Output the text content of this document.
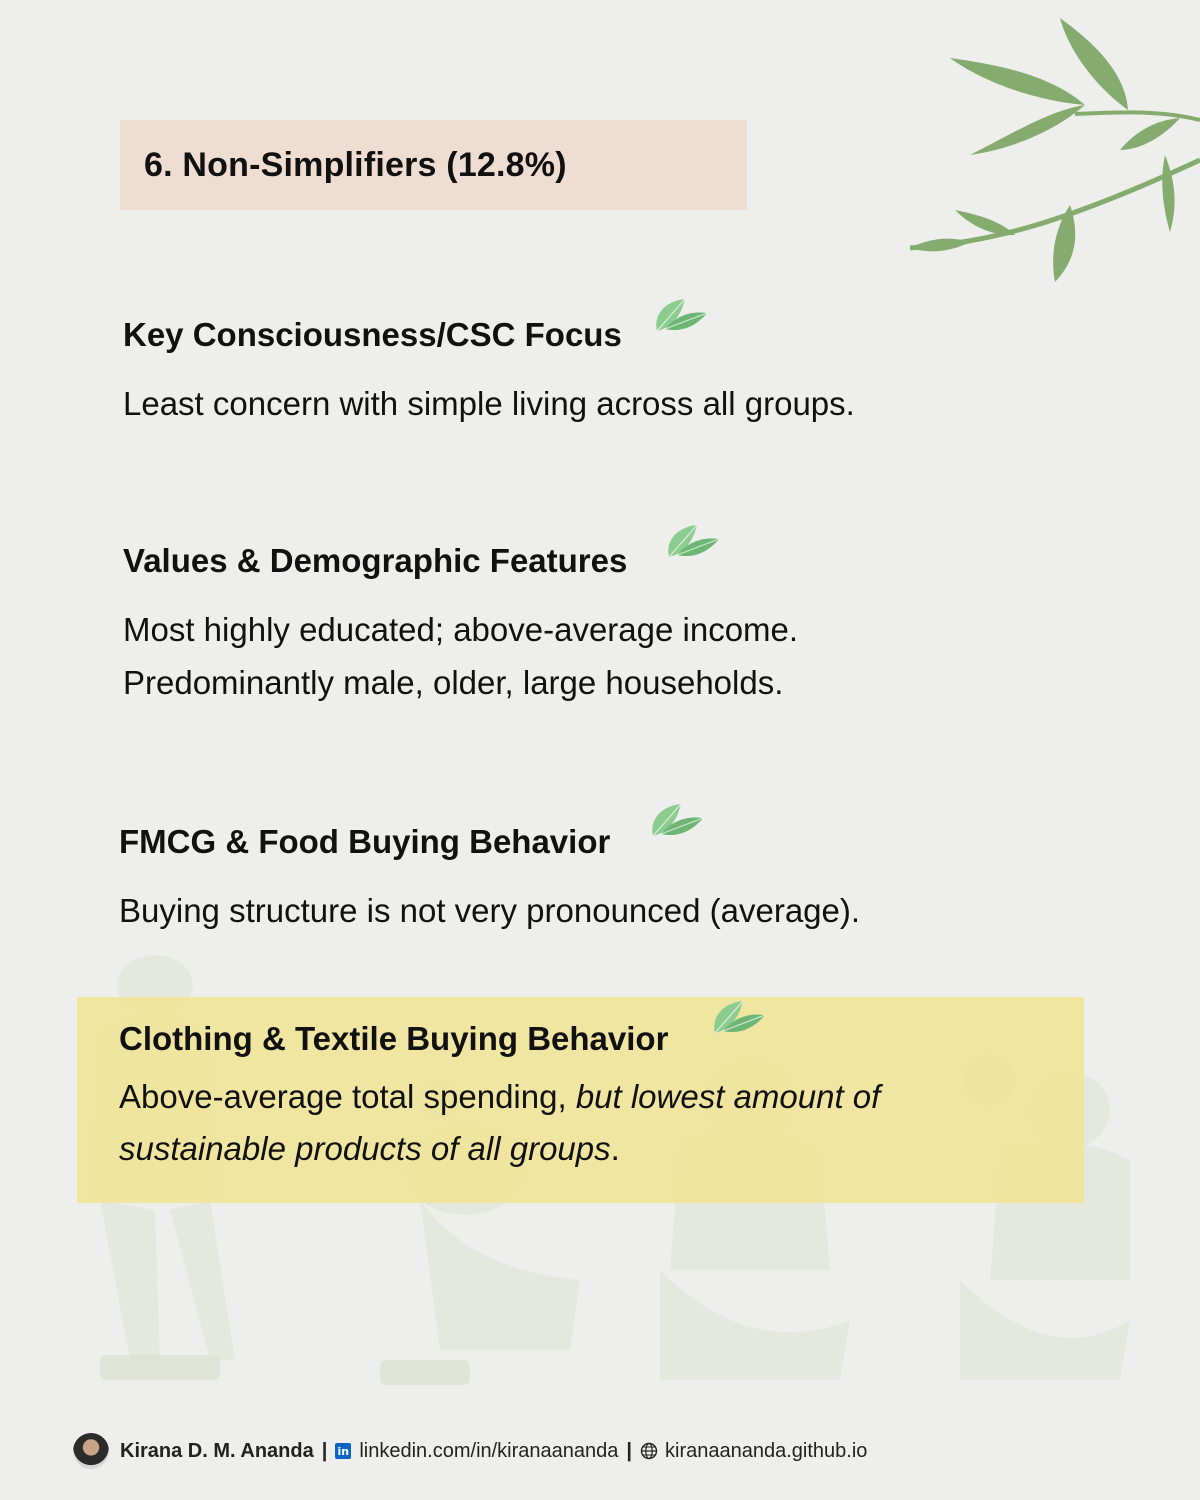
6. Non-Simplifiers (12.8%)
Key Consciousness/CSC Focus

Least concern with simple living across all groups.

Values & Demographic Features

Most highly educated; above-average income.

Predominantly male, older, large households.

FMCG & Food Buying Behavior

Buying structure is not very pronounced (average).

Clothing & Textile Buying Behavior

Above-average total spending, but lowest amount of
sustainable products of all groups.

Kirana D. M. Ananda | in linkedin.com/in/kiranaananda | kiranaananda.github.io
